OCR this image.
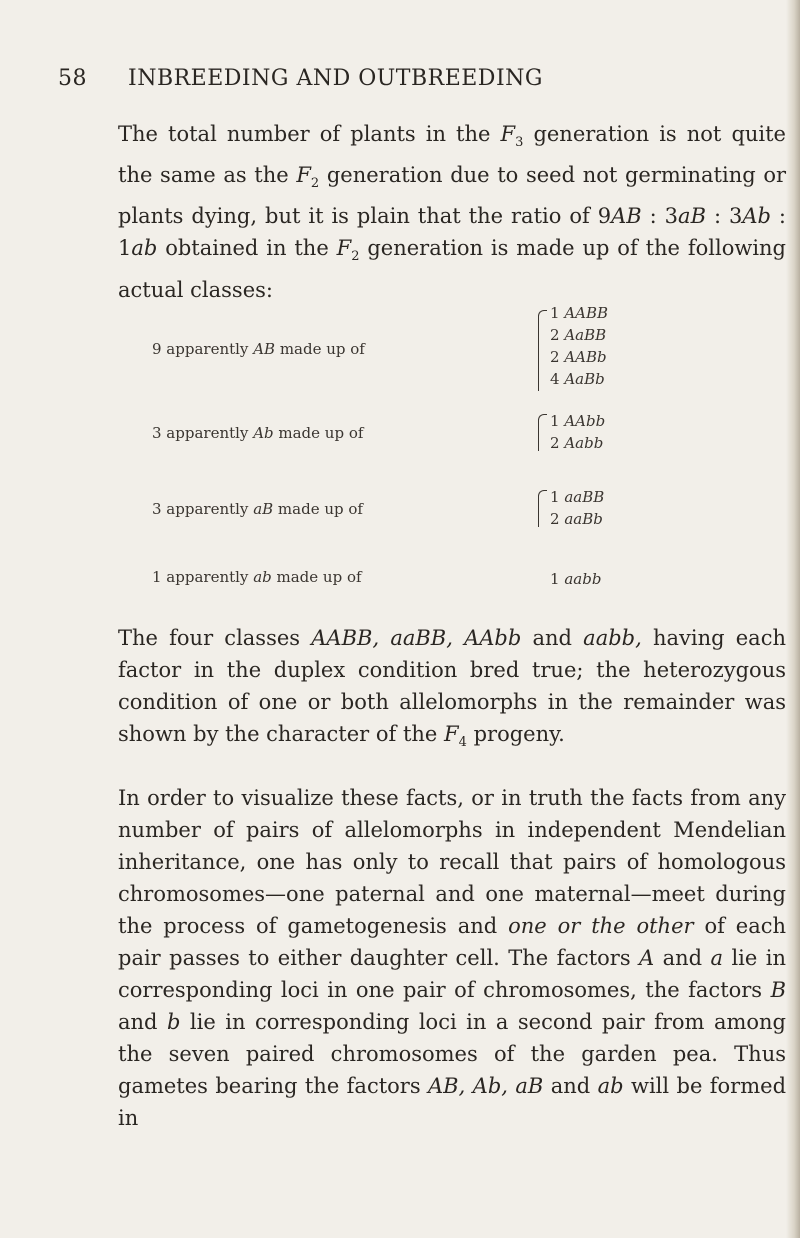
58 INBREEDING AND OUTBREEDING

The total number of plants in the $F_3$ generation is not quite the same as the $F_2$ generation due to seed not germinating or plants dying, but it is plain that the ratio of 9AB : 3aB : 3Ab : 1ab obtained in the $F_2$ generation is made up of the following actual classes:

9 apparently AB made up of
1 AABB
2 AaBB
2 AABb
4 AaBb
3 apparently Ab made up of
1 AAbb
2 Aabb
3 apparently aB made up of
1 aaBB
2 aaBb
1 apparently ab made up of	1 aabb

The four classes AABB, aaBB, AAbb and aabb, having each factor in the duplex condition bred true; the heterozygous condition of one or both allelomorphs in the remainder was shown by the character of the $F_4$ progeny.

In order to visualize these facts, or in truth the facts from any number of pairs of allelomorphs in independent Mendelian inheritance, one has only to recall that pairs of homologous chromosomes—one paternal and one maternal—meet during the process of gametogenesis and one or the other of each pair passes to either daughter cell. The factors A and a lie in corresponding loci in one pair of chromosomes, the factors B and b lie in corresponding loci in a second pair from among the seven paired chromosomes of the garden pea. Thus gametes bearing the factors AB, Ab, aB and ab will be formed in
